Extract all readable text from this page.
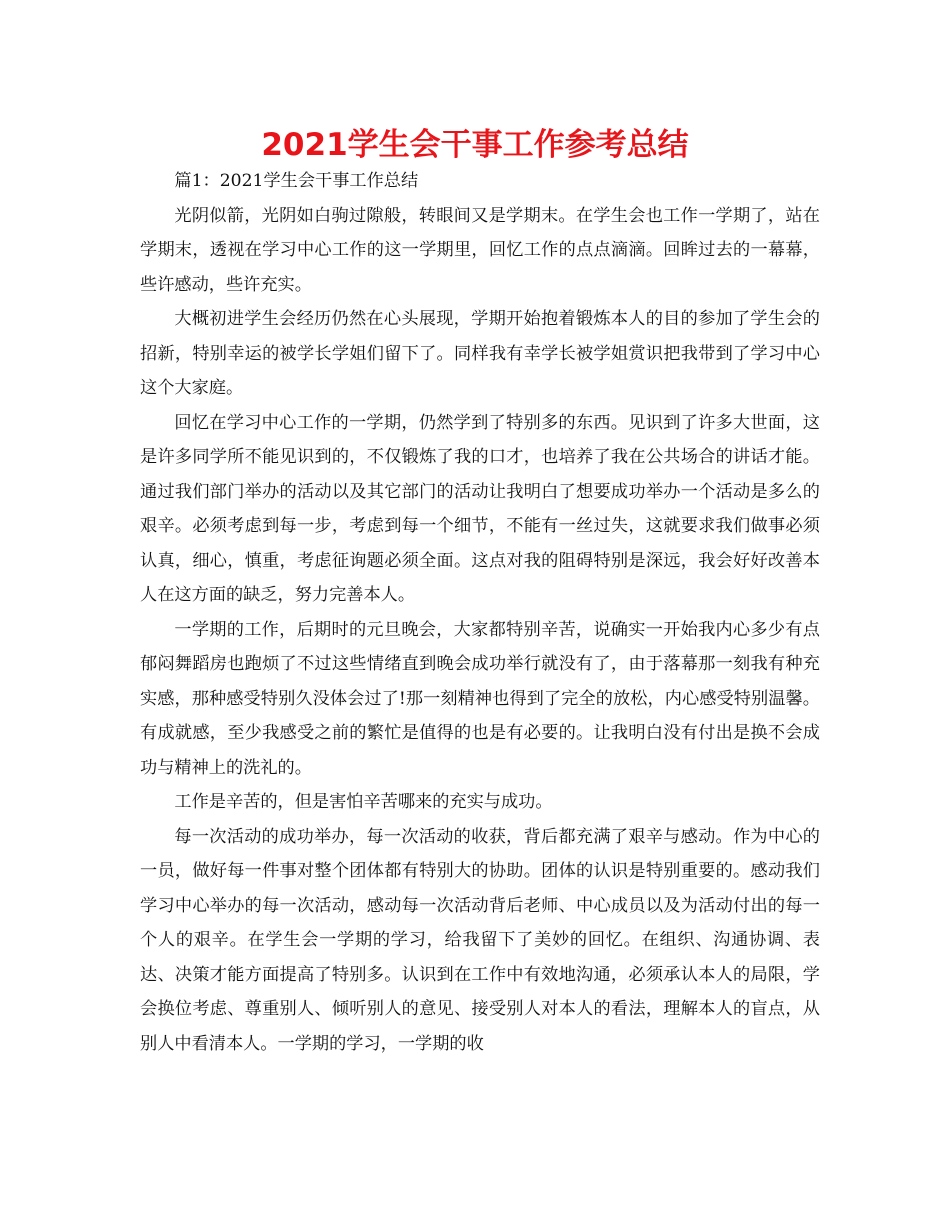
2021学生会干事工作参考总结

篇1：2021学生会干事工作总结

光阴似箭，光阴如白驹过隙般，转眼间又是学期末。在学生会也工作一学期了，站在学期末，透视在学习中心工作的这一学期里，回忆工作的点点滴滴。回眸过去的一幕幕，些许感动，些许充实。

大概初进学生会经历仍然在心头展现，学期开始抱着锻炼本人的目的参加了学生会的招新，特别幸运的被学长学姐们留下了。同样我有幸学长被学姐赏识把我带到了学习中心这个大家庭。

回忆在学习中心工作的一学期，仍然学到了特别多的东西。见识到了许多大世面，这是许多同学所不能见识到的，不仅锻炼了我的口才，也培养了我在公共场合的讲话才能。通过我们部门举办的活动以及其它部门的活动让我明白了想要成功举办一个活动是多么的艰辛。必须考虑到每一步，考虑到每一个细节，不能有一丝过失，这就要求我们做事必须认真，细心，慎重，考虑征询题必须全面。这点对我的阻碍特别是深远，我会好好改善本人在这方面的缺乏，努力完善本人。

一学期的工作，后期时的元旦晚会，大家都特别辛苦，说确实一开始我内心多少有点郁闷舞蹈房也跑烦了不过这些情绪直到晚会成功举行就没有了，由于落幕那一刻我有种充实感，那种感受特别久没体会过了!那一刻精神也得到了完全的放松，内心感受特别温馨。有成就感，至少我感受之前的繁忙是值得的也是有必要的。让我明白没有付出是换不会成功与精神上的洗礼的。

工作是辛苦的，但是害怕辛苦哪来的充实与成功。

每一次活动的成功举办，每一次活动的收获，背后都充满了艰辛与感动。作为中心的一员，做好每一件事对整个团体都有特别大的协助。团体的认识是特别重要的。感动我们学习中心举办的每一次活动，感动每一次活动背后老师、中心成员以及为活动付出的每一个人的艰辛。在学生会一学期的学习，给我留下了美妙的回忆。在组织、沟通协调、表达、决策才能方面提高了特别多。认识到在工作中有效地沟通，必须承认本人的局限，学会换位考虑、尊重别人、倾听别人的意见、接受别人对本人的看法，理解本人的盲点，从别人中看清本人。一学期的学习，一学期的收
